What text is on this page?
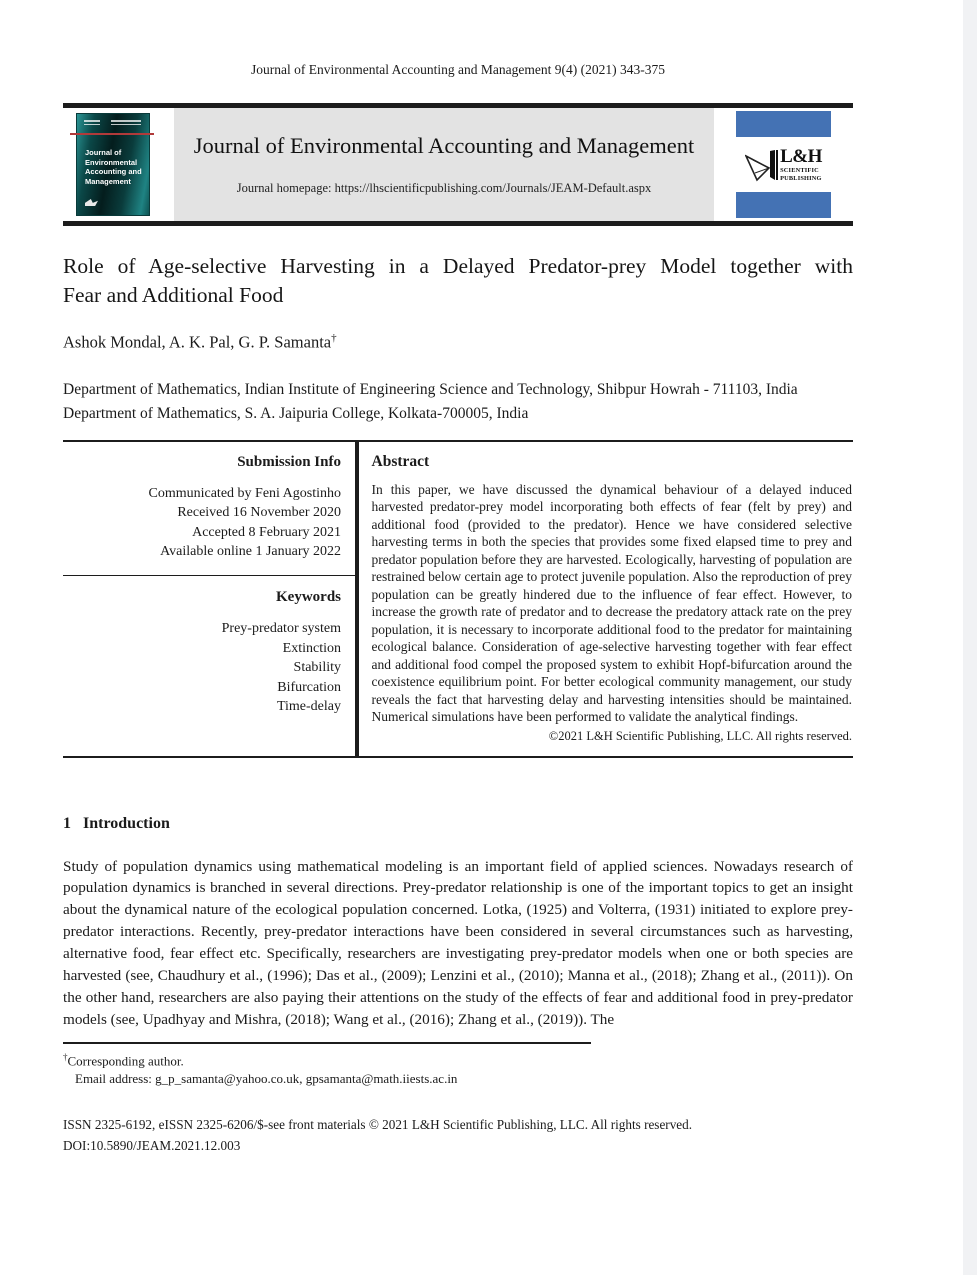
Journal of Environmental Accounting and Management 9(4) (2021) 343-375
Journal of Environmental Accounting and Management
Journal of Environmental Accounting and Management
Journal homepage: https://lhscientificpublishing.com/Journals/JEAM-Default.aspx
L&H
SCIENTIFIC
PUBLISHING
Role of Age-selective Harvesting in a Delayed Predator-prey Model together with
Fear and Additional Food
Ashok Mondal, A. K. Pal, G. P. Samanta†
Department of Mathematics, Indian Institute of Engineering Science and Technology, Shibpur Howrah - 711103, India
Department of Mathematics, S. A. Jaipuria College, Kolkata-700005, India
Submission Info
Communicated by Feni Agostinho
Received 16 November 2020
Accepted 8 February 2021
Available online 1 January 2022
Keywords
Prey-predator system
Extinction
Stability
Bifurcation
Time-delay
Abstract
In this paper, we have discussed the dynamical behaviour of a delayed induced harvested predator-prey model incorporating both effects of fear (felt by prey) and additional food (provided to the predator). Hence we have considered selective harvesting terms in both the species that provides some fixed elapsed time to prey and predator population before they are harvested. Ecologically, harvesting of population are restrained below certain age to protect juvenile population. Also the reproduction of prey population can be greatly hindered due to the influence of fear effect. However, to increase the growth rate of predator and to decrease the predatory attack rate on the prey population, it is necessary to incorporate additional food to the predator for maintaining ecological balance. Consideration of age-selective harvesting together with fear effect and additional food compel the proposed system to exhibit Hopf-bifurcation around the coexistence equilibrium point. For better ecological community management, our study reveals the fact that harvesting delay and harvesting intensities should be maintained. Numerical simulations have been performed to validate the analytical findings.
©2021 L&H Scientific Publishing, LLC. All rights reserved.
1 Introduction
Study of population dynamics using mathematical modeling is an important field of applied sciences. Nowadays research of population dynamics is branched in several directions. Prey-predator relationship is one of the important topics to get an insight about the dynamical nature of the ecological population concerned. Lotka, (1925) and Volterra, (1931) initiated to explore prey-predator interactions. Recently, prey-predator interactions have been considered in several circumstances such as harvesting, alternative food, fear effect etc. Specifically, researchers are investigating prey-predator models when one or both species are harvested (see, Chaudhury et al., (1996); Das et al., (2009); Lenzini et al., (2010); Manna et al., (2018); Zhang et al., (2011)). On the other hand, researchers are also paying their attentions on the study of the effects of fear and additional food in prey-predator models (see, Upadhyay and Mishra, (2018); Wang et al., (2016); Zhang et al., (2019)). The
†Corresponding author.
Email address: g_p_samanta@yahoo.co.uk, gpsamanta@math.iiests.ac.in
ISSN 2325-6192, eISSN 2325-6206/$-see front materials © 2021 L&H Scientific Publishing, LLC. All rights reserved.
DOI:10.5890/JEAM.2021.12.003
